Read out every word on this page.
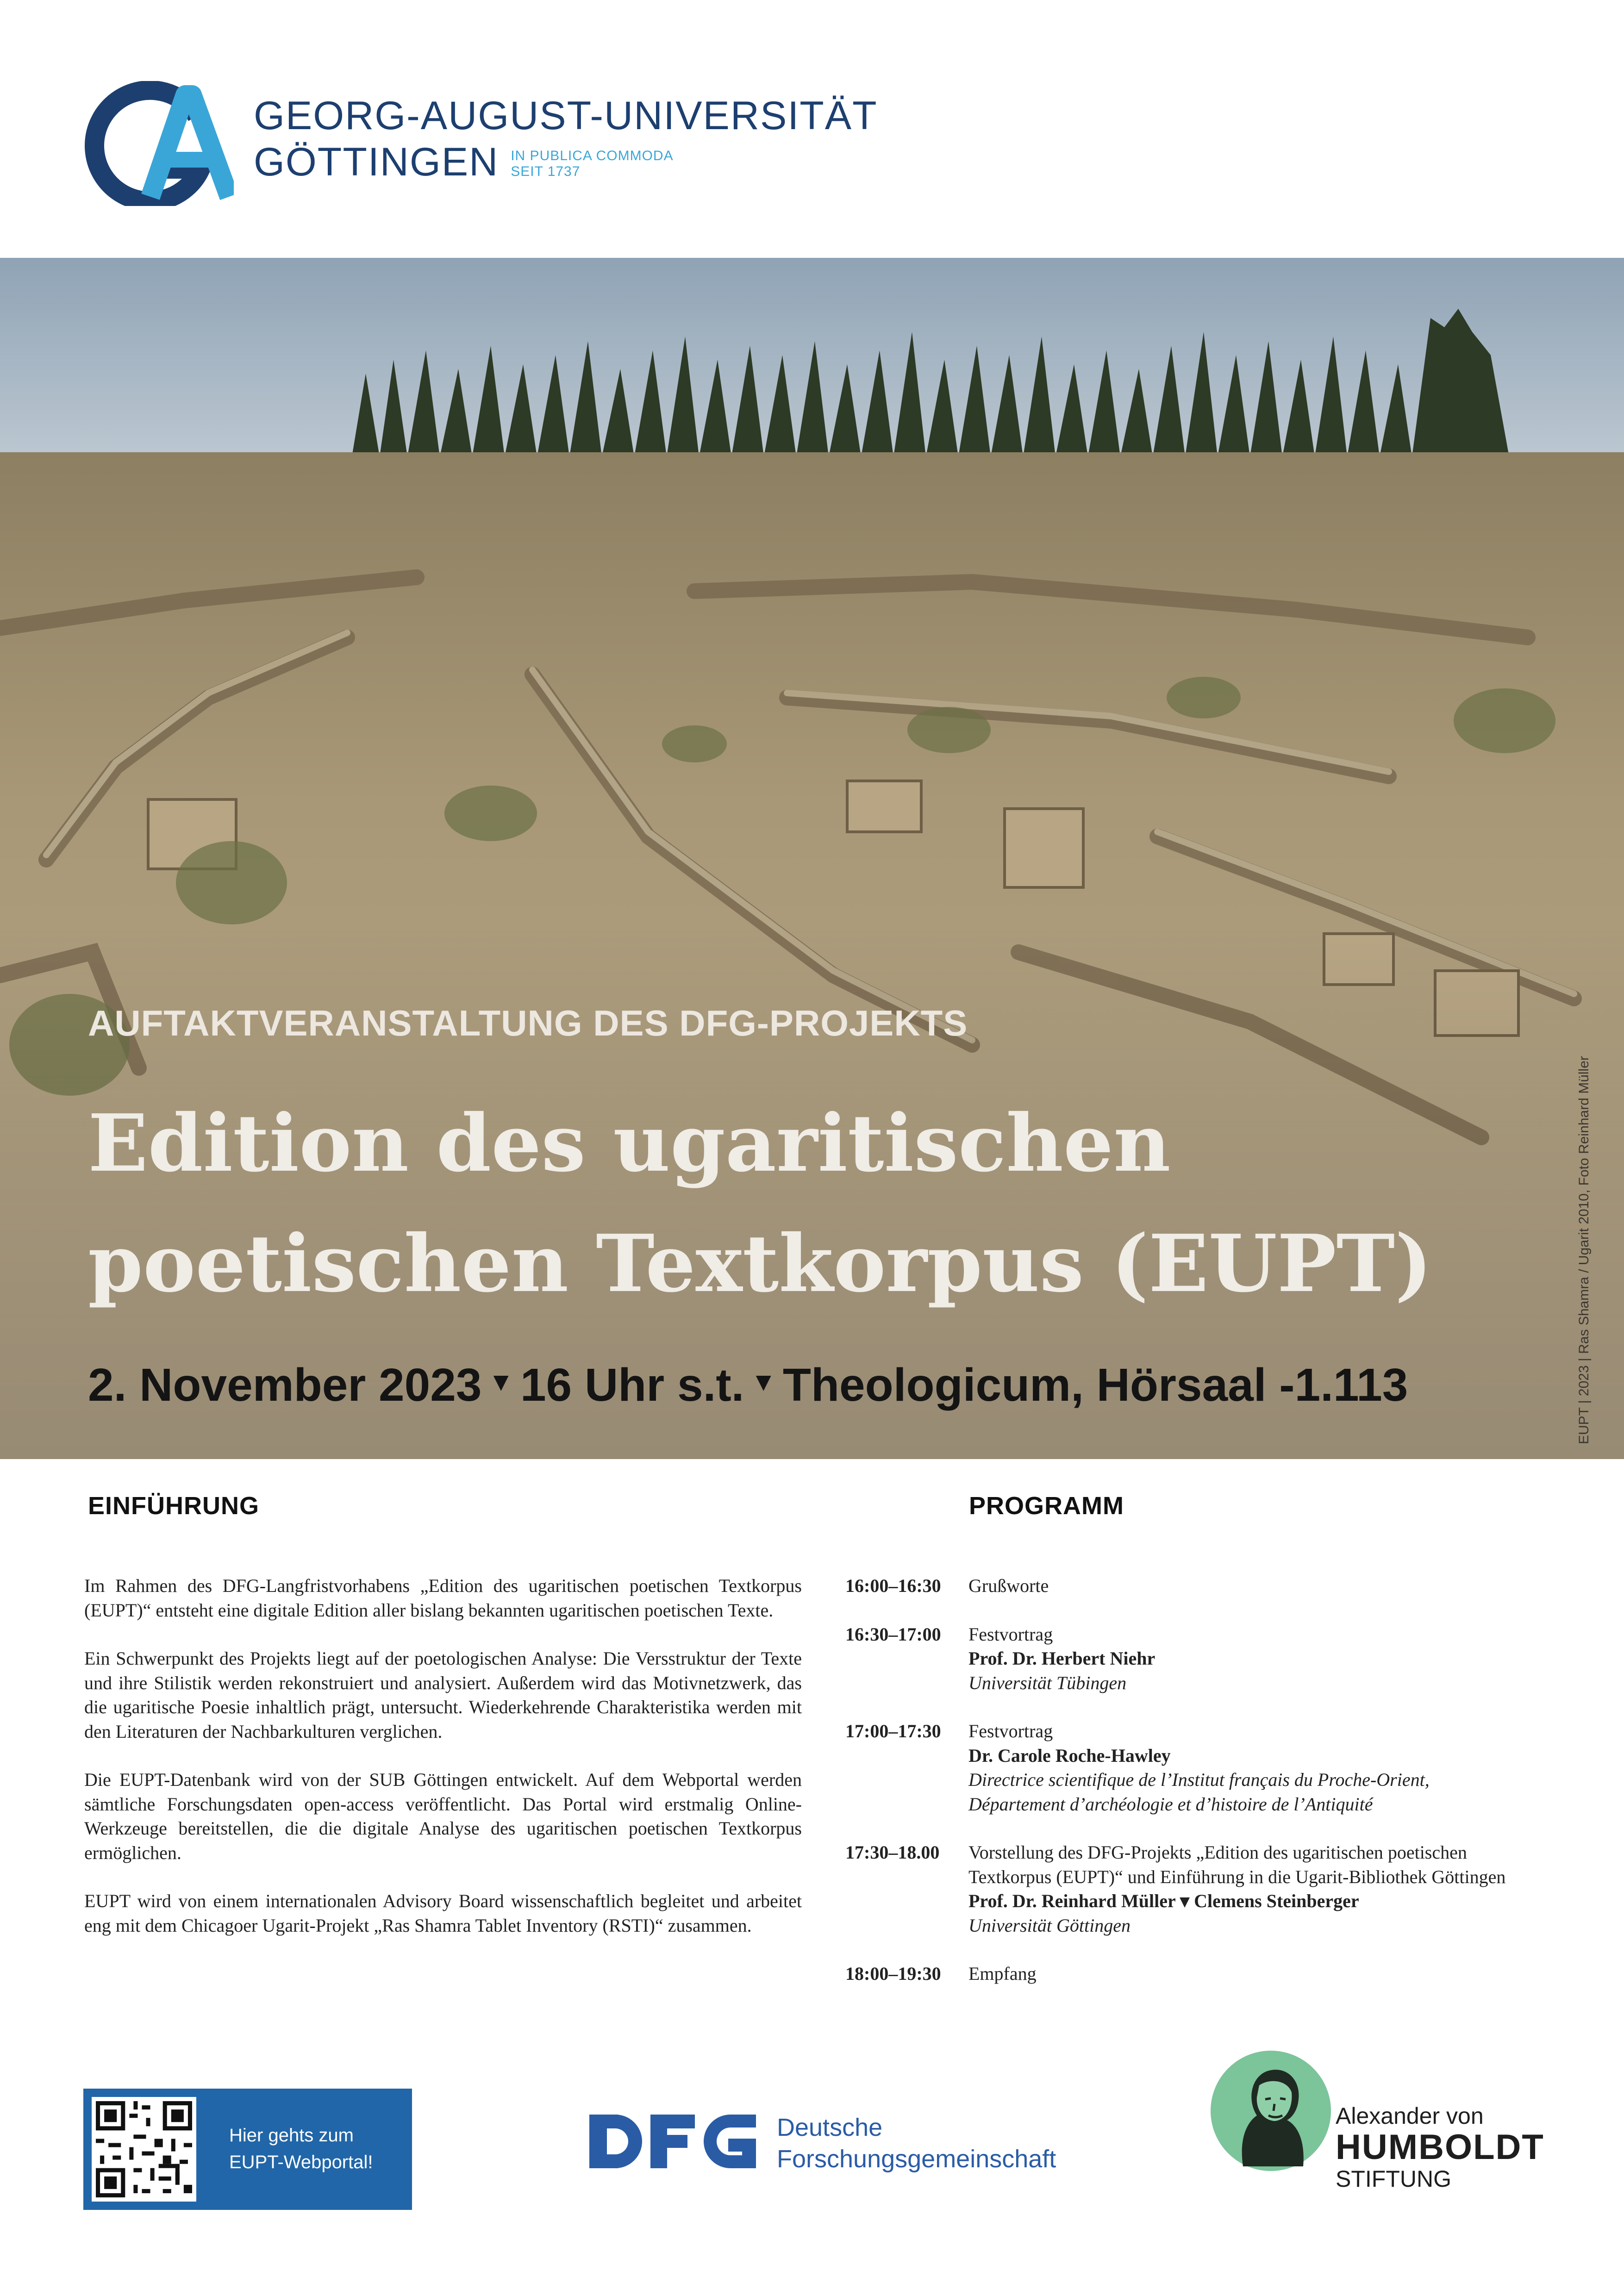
GEORG-AUGUST-UNIVERSITÄT
GÖTTINGEN IN PUBLICA COMMODA
SEIT 1737
AUFTAKTVERANSTALTUNG DES DFG-PROJEKTS
Edition des ugaritischen
poetischen Textkorpus (EUPT)
2. November 2023 ▼ 16 Uhr s.t. ▼ Theologicum, Hörsaal -1.113	EUPT | 2023 | Ras Shamra / Ugarit 2010, Foto Reinhard Müller
EINFÜHRUNG

Im Rahmen des DFG-Langfristvorhabens „Edition des ugaritischen poetischen Textkorpus (EUPT)“ entsteht eine digitale Edition aller bislang bekannten ugaritischen poetischen Texte.

Ein Schwerpunkt des Projekts liegt auf der poetologischen Analyse: Die Versstruktur der Texte und ihre Stilistik werden rekonstruiert und analysiert. Außerdem wird das Motivnetzwerk, das die ugaritische Poesie inhaltlich prägt, untersucht. Wiederkehrende Charakteristika werden mit den Literaturen der Nachbarkulturen verglichen.

Die EUPT-Datenbank wird von der SUB Göttingen entwickelt. Auf dem Webportal werden sämtliche Forschungsdaten open-access veröffentlicht. Das Portal wird erstmalig Online-Werkzeuge bereitstellen, die die digitale Analyse des ugaritischen poetischen Textkorpus ermöglichen.

EUPT wird von einem internationalen Advisory Board wissenschaftlich begleitet und arbeitet eng mit dem Chicagoer Ugarit-Projekt „Ras Shamra Tablet Inventory (RSTI)“ zusammen.

PROGRAMM
16:00–16:30	Grußworte
16:30–17:00	Festvortrag
Prof. Dr. Herbert Niehr
Universität Tübingen
17:00–17:30	Festvortrag
Dr. Carole Roche-Hawley
Directrice scientifique de l’Institut français du Proche-Orient,
Département d’archéologie et d’histoire de l’Antiquité
17:30–18.00	Vorstellung des DFG-Projekts „Edition des ugaritischen poetischen Textkorpus (EUPT)“ und Einführung in die Ugarit-Bibliothek Göttingen
Prof. Dr. Reinhard Müller ▾ Clemens Steinberger
Universität Göttingen
18:00–19:30	Empfang
Hier gehts zum
EUPT-Webportal!
Deutsche
Forschungsgemeinschaft
Alexander von
HUMBOLDT
STIFTUNG
